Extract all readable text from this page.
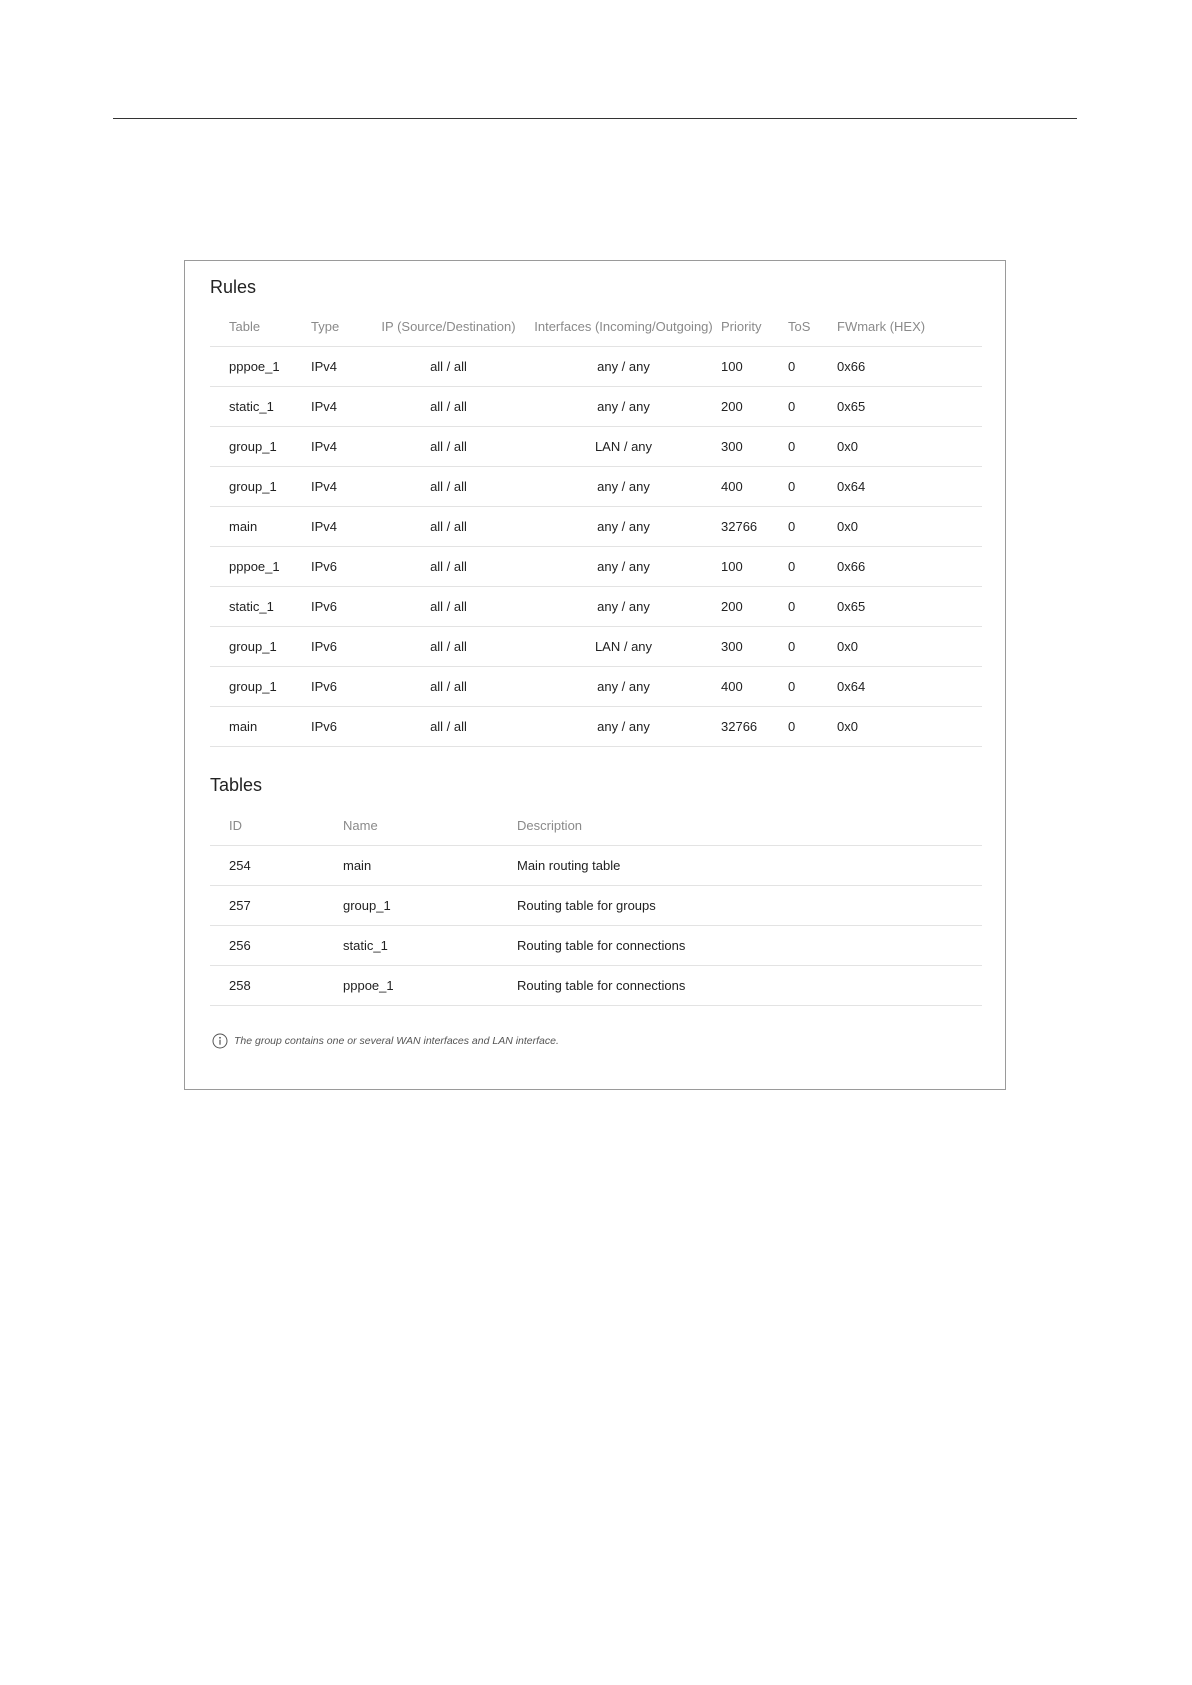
Rules
Table	Type	IP (Source/Destination)	Interfaces (Incoming/Outgoing)	Priority	ToS	FWmark (HEX)
pppoe_1	IPv4	all / all	any / any	100	0	0x66
static_1	IPv4	all / all	any / any	200	0	0x65
group_1	IPv4	all / all	LAN / any	300	0	0x0
group_1	IPv4	all / all	any / any	400	0	0x64
main	IPv4	all / all	any / any	32766	0	0x0
pppoe_1	IPv6	all / all	any / any	100	0	0x66
static_1	IPv6	all / all	any / any	200	0	0x65
group_1	IPv6	all / all	LAN / any	300	0	0x0
group_1	IPv6	all / all	any / any	400	0	0x64
main	IPv6	all / all	any / any	32766	0	0x0
Tables
ID	Name	Description
254	main	Main routing table
257	group_1	Routing table for groups
256	static_1	Routing table for connections
258	pppoe_1	Routing table for connections
The group contains one or several WAN interfaces and LAN interface.
